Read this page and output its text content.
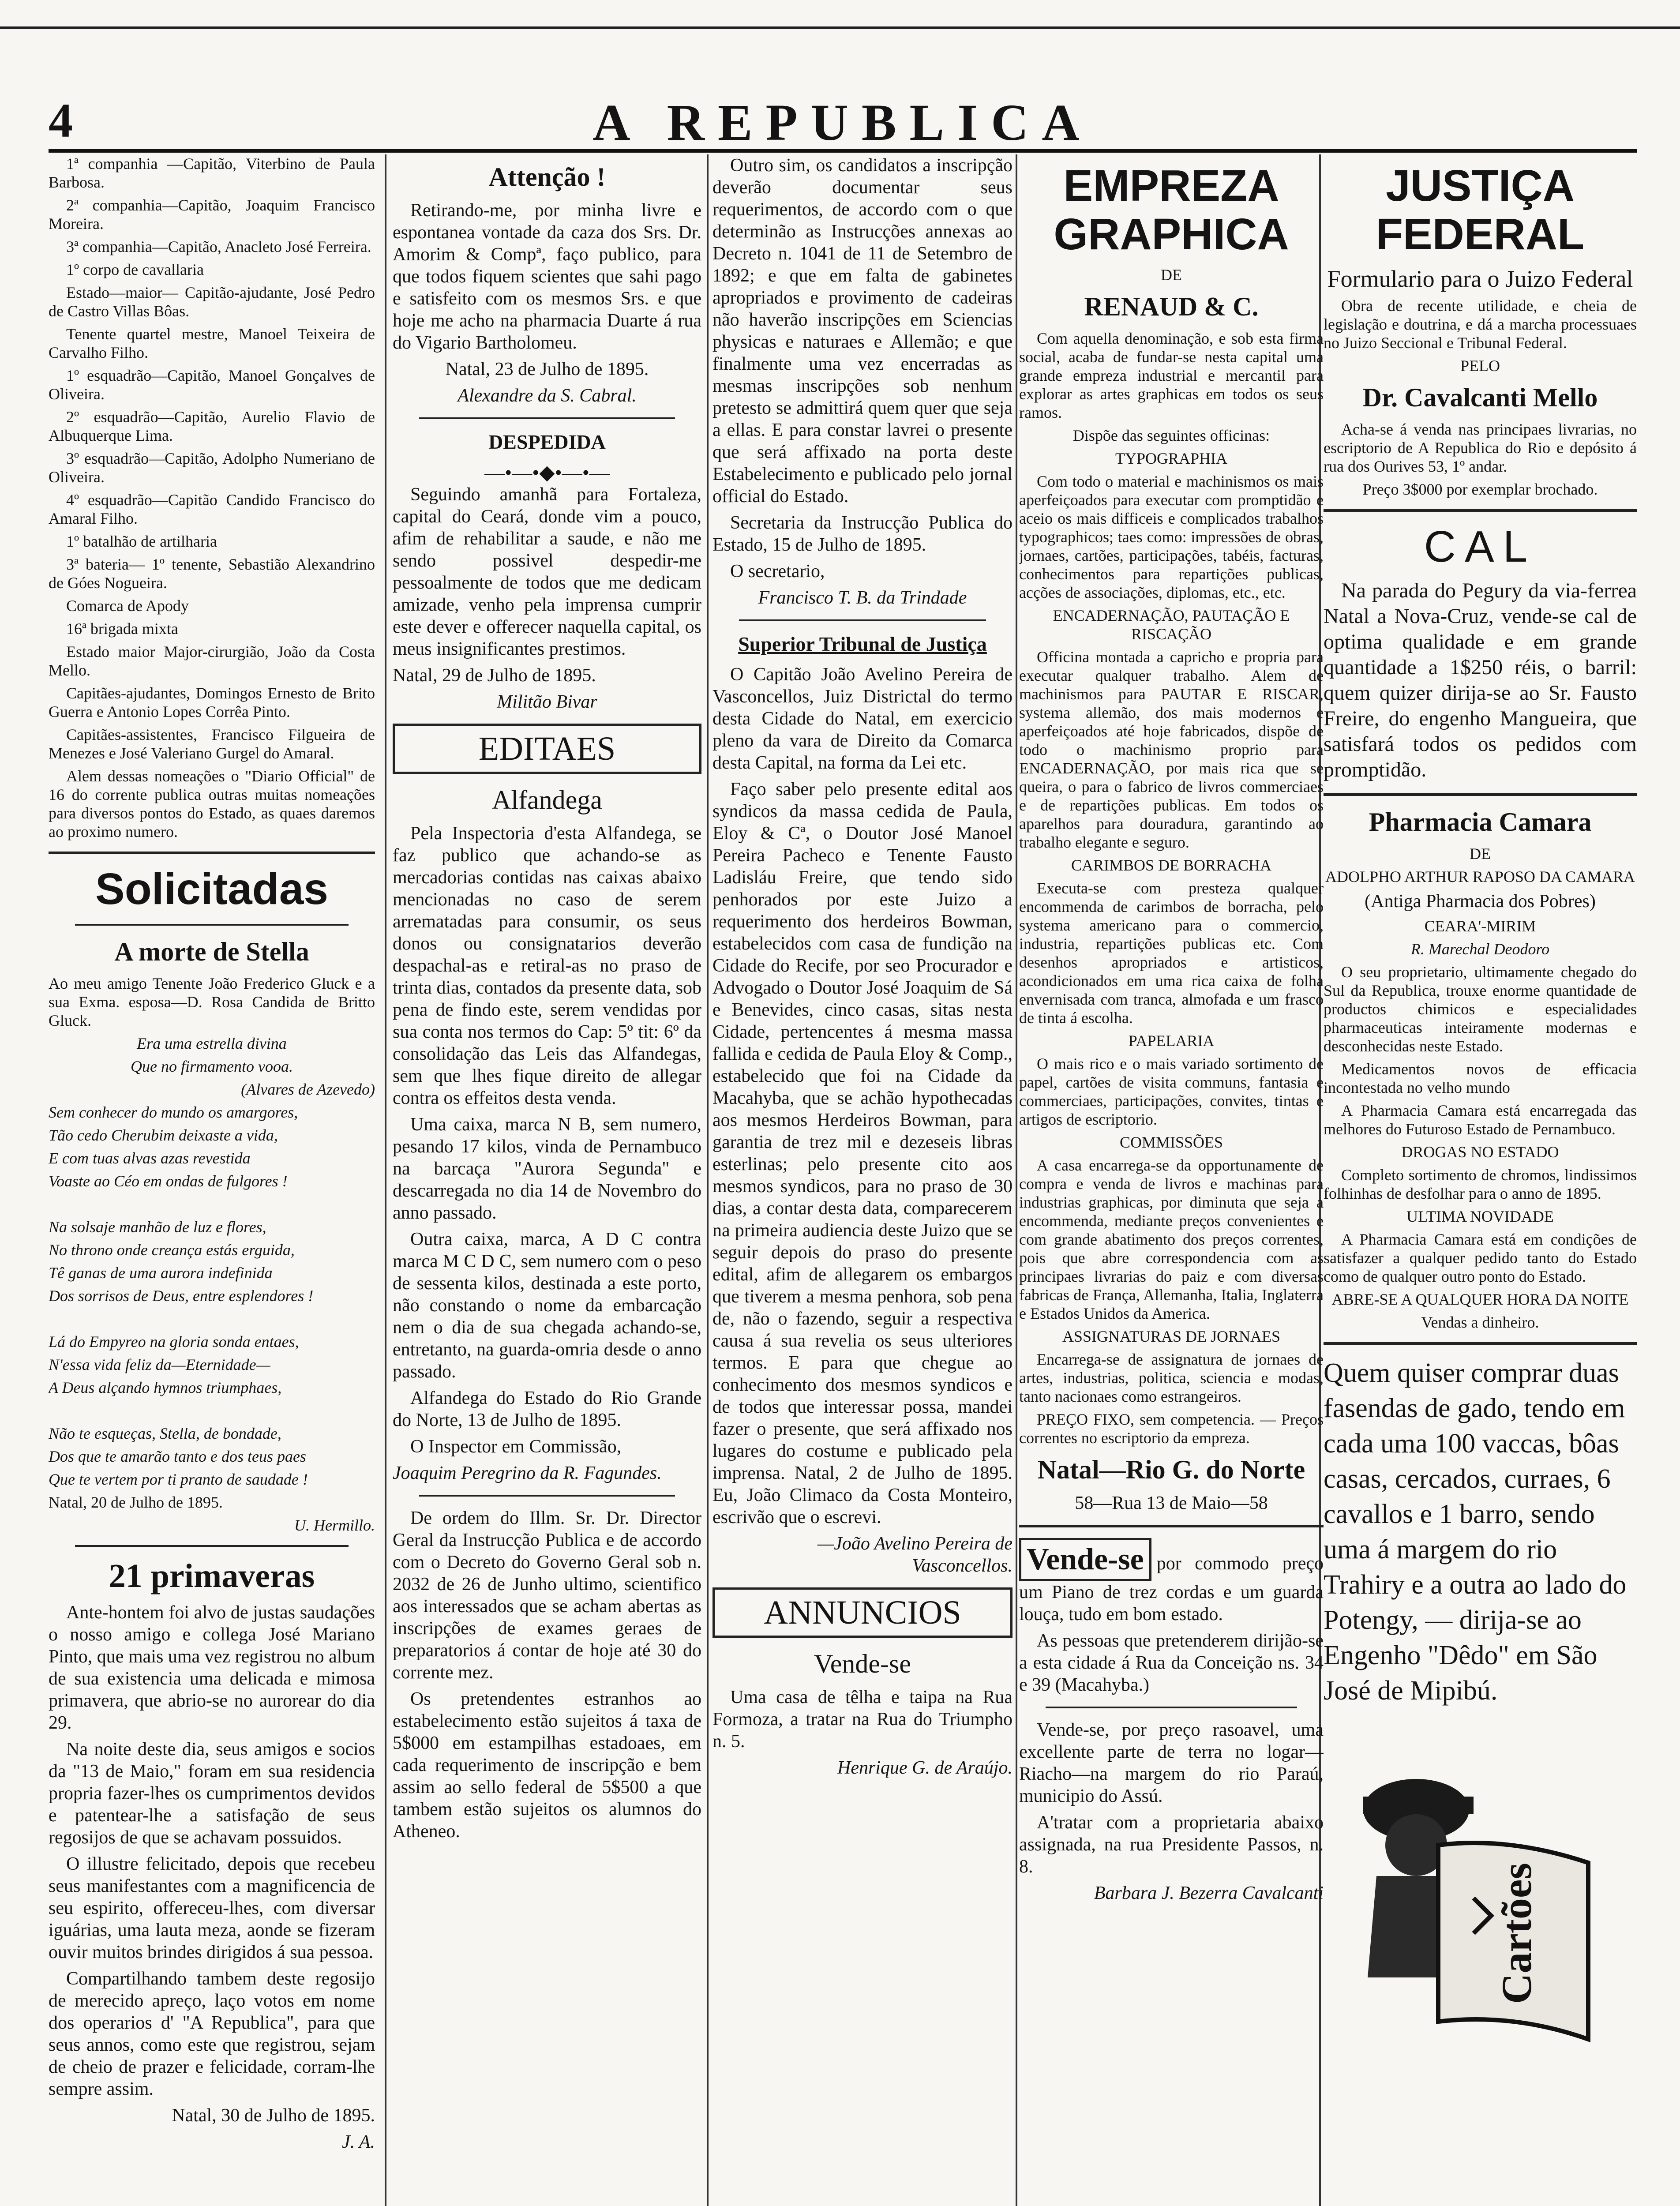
4	A REPUBLICA

1ª companhia —Capitão, Viterbino de Paula Barbosa.

2ª companhia—Capitão, Joaquim Francisco Moreira.

3ª companhia—Capitão, Anacleto José Ferreira.

1º corpo de cavallaria

Estado—maior— Capitão-ajudante, José Pedro de Castro Villas Bôas.

Tenente quartel mestre, Manoel Teixeira de Carvalho Filho.

1º esquadrão—Capitão, Manoel Gonçalves de Oliveira.

2º esquadrão—Capitão, Aurelio Flavio de Albuquerque Lima.

3º esquadrão—Capitão, Adolpho Numeriano de Oliveira.

4º esquadrão—Capitão Candido Francisco do Amaral Filho.

1º batalhão de artilharia

3ª bateria— 1º tenente, Sebastião Alexandrino de Góes Nogueira.

Comarca de Apody

16ª brigada mixta

Estado maior Major-cirurgião, João da Costa Mello.

Capitães-ajudantes, Domingos Ernesto de Brito Guerra e Antonio Lopes Corrêa Pinto.

Capitães-assistentes, Francisco Filgueira de Menezes e José Valeriano Gurgel do Amaral.

Alem dessas nomeações o "Diario Official" de 16 do corrente publica outras muitas nomeações para diversos pontos do Estado, as quaes daremos ao proximo numero.

Solicitadas
A morte de Stella

Ao meu amigo Tenente João Frederico Gluck e a sua Exma. esposa—D. Rosa Candida de Britto Gluck.

Era uma estrella divina

Que no firmamento vooa.

(Alvares de Azevedo)

Sem conhecer do mundo os amargores,

Tão cedo Cherubim deixaste a vida,

E com tuas alvas azas revestida

Voaste ao Céo em ondas de fulgores !

Na solsaje manhão de luz e flores,

No throno onde creança estás erguida,

Tê ganas de uma aurora indefinida

Dos sorrisos de Deus, entre esplendores !

Lá do Empyreo na gloria sonda entaes,

N'essa vida feliz da—Eternidade—

A Deus alçando hymnos triumphaes,

Não te esqueças, Stella, de bondade,

Dos que te amarão tanto e dos teus paes

Que te vertem por ti pranto de saudade !

Natal, 20 de Julho de 1895.

U. Hermillo.

21 primaveras

Ante-hontem foi alvo de justas saudações o nosso amigo e collega José Mariano Pinto, que mais uma vez registrou no album de sua existencia uma delicada e mimosa primavera, que abrio-se no aurorear do dia 29.

Na noite deste dia, seus amigos e socios da "13 de Maio," foram em sua residencia propria fazer-lhes os cumprimentos devidos e patentear-lhe a satisfação de seus regosijos de que se achavam possuidos.

O illustre felicitado, depois que recebeu seus manifestantes com a magnificencia de seu espirito, offereceu-lhes, com diversar iguárias, uma lauta meza, aonde se fizeram ouvir muitos brindes dirigidos á sua pessoa.

Compartilhando tambem deste regosijo de merecido apreço, laço votos em nome dos operarios d' "A Republica", para que seus annos, como este que registrou, sejam de cheio de prazer e felicidade, corram-lhe sempre assim.

Natal, 30 de Julho de 1895.

J. A.

Attenção !

Retirando-me, por minha livre e espontanea vontade da caza dos Srs. Dr. Amorim & Compª, faço publico, para que todos fiquem scientes que sahi pago e satisfeito com os mesmos Srs. e que hoje me acho na pharmacia Duarte á rua do Vigario Bartholomeu.

Natal, 23 de Julho de 1895.

Alexandre da S. Cabral.

DESPEDIDA
—•—•◆•—•—

Seguindo amanhã para Fortaleza, capital do Ceará, donde vim a pouco, afim de rehabilitar a saude, e não me sendo possivel despedir-me pessoalmente de todos que me dedicam amizade, venho pela imprensa cumprir este dever e offerecer naquella capital, os meus insignificantes prestimos.

Natal, 29 de Julho de 1895.

Militão Bivar

EDITAES
Alfandega

Pela Inspectoria d'esta Alfandega, se faz publico que achando-se as mercadorias contidas nas caixas abaixo mencionadas no caso de serem arrematadas para consumir, os seus donos ou consignatarios deverão despachal-as e retiral-as no praso de trinta dias, contados da presente data, sob pena de findo este, serem vendidas por sua conta nos termos do Cap: 5º tit: 6º da consolidação das Leis das Alfandegas, sem que lhes fique direito de allegar contra os effeitos desta venda.

Uma caixa, marca N B, sem numero, pesando 17 kilos, vinda de Pernambuco na barcaça "Aurora Segunda" e descarregada no dia 14 de Novembro do anno passado.

Outra caixa, marca, A D C contra marca M C D C, sem numero com o peso de sessenta kilos, destinada a este porto, não constando o nome da embarcação nem o dia de sua chegada achando-se, entretanto, na guarda-omria desde o anno passado.

Alfandega do Estado do Rio Grande do Norte, 13 de Julho de 1895.

O Inspector em Commissão,

Joaquim Peregrino da R. Fagundes.

De ordem do Illm. Sr. Dr. Director Geral da Instrucção Publica e de accordo com o Decreto do Governo Geral sob n. 2032 de 26 de Junho ultimo, scientifico aos interessados que se acham abertas as inscripções de exames geraes de preparatorios á contar de hoje até 30 do corrente mez.

Os pretendentes estranhos ao estabelecimento estão sujeitos á taxa de 5$000 em estampilhas estadoaes, em cada requerimento de inscripção e bem assim ao sello federal de 5$500 a que tambem estão sujeitos os alumnos do Atheneo.

Outro sim, os candidatos a inscripção deverão documentar seus requerimentos, de accordo com o que determinão as Instrucções annexas ao Decreto n. 1041 de 11 de Setembro de 1892; e que em falta de gabinetes apropriados e provimento de cadeiras não haverão inscripções em Sciencias physicas e naturaes e Allemão; e que finalmente uma vez encerradas as mesmas inscripções sob nenhum pretesto se admittirá quem quer que seja a ellas. E para constar lavrei o presente que será affixado na porta deste Estabelecimento e publicado pelo jornal official do Estado.

Secretaria da Instrucção Publica do Estado, 15 de Julho de 1895.

O secretario,

Francisco T. B. da Trindade

Superior Tribunal de Justiça

O Capitão João Avelino Pereira de Vasconcellos, Juiz Districtal do termo desta Cidade do Natal, em exercicio pleno da vara de Direito da Comarca desta Capital, na forma da Lei etc.

Faço saber pelo presente edital aos syndicos da massa cedida de Paula, Eloy & Cª, o Doutor José Manoel Pereira Pacheco e Tenente Fausto Ladisláu Freire, que tendo sido penhorados por este Juizo a requerimento dos herdeiros Bowman, estabelecidos com casa de fundição na Cidade do Recife, por seo Procurador e Advogado o Doutor José Joaquim de Sá e Benevides, cinco casas, sitas nesta Cidade, pertencentes á mesma massa fallida e cedida de Paula Eloy & Comp., estabelecido que foi na Cidade da Macahyba, que se achão hypothecadas aos mesmos Herdeiros Bowman, para garantia de trez mil e dezeseis libras esterlinas; pelo presente cito aos mesmos syndicos, para no praso de 30 dias, a contar desta data, comparecerem na primeira audiencia deste Juizo que se seguir depois do praso do presente edital, afim de allegarem os embargos que tiverem a mesma penhora, sob pena de, não o fazendo, seguir a respectiva causa á sua revelia os seus ulteriores termos. E para que chegue ao conhecimento dos mesmos syndicos e de todos que interessar possa, mandei fazer o presente, que será affixado nos lugares do costume e publicado pela imprensa. Natal, 2 de Julho de 1895. Eu, João Climaco da Costa Monteiro, escrivão que o escrevi.

—João Avelino Pereira de Vasconcellos.

ANNUNCIOS
Vende-se

Uma casa de têlha e taipa na Rua Formoza, a tratar na Rua do Triumpho n. 5.

Henrique G. de Araújo.

EMPREZA GRAPHICA

DE

RENAUD & C.

Com aquella denominação, e sob esta firma social, acaba de fundar-se nesta capital uma grande empreza industrial e mercantil para explorar as artes graphicas em todos os seus ramos.

Dispõe das seguintes officinas:

TYPOGRAPHIA

Com todo o material e machinismos os mais aperfeiçoados para executar com promptidão e aceio os mais difficeis e complicados trabalhos typographicos; taes como: impressões de obras, jornaes, cartões, participações, tabéis, facturas, conhecimentos para repartições publicas, acções de associações, diplomas, etc., etc.

ENCADERNAÇÃO, PAUTAÇÃO E RISCAÇÃO

Officina montada a capricho e propria para executar qualquer trabalho. Alem de machinismos para PAUTAR E RISCAR, systema allemão, dos mais modernos e aperfeiçoados até hoje fabricados, dispõe de todo o machinismo proprio para ENCADERNAÇÃO, por mais rica que se queira, o para o fabrico de livros commerciaes e de repartições publicas. Em todos os aparelhos para douradura, garantindo ao trabalho elegante e seguro.

CARIMBOS DE BORRACHA

Executa-se com presteza qualquer encommenda de carimbos de borracha, pelo systema americano para o commercio, industria, repartições publicas etc. Com desenhos apropriados e artisticos, acondicionados em uma rica caixa de folha envernisada com tranca, almofada e um frasco de tinta á escolha.

PAPELARIA

O mais rico e o mais variado sortimento de papel, cartões de visita communs, fantasia e commerciaes, participações, convites, tintas e artigos de escriptorio.

COMMISSÕES

A casa encarrega-se da opportunamente de compra e venda de livros e machinas para industrias graphicas, por diminuta que seja a encommenda, mediante preços convenientes e com grande abatimento dos preços correntes, pois que abre correspondencia com as principaes livrarias do paiz e com diversas fabricas de França, Allemanha, Italia, Inglaterra e Estados Unidos da America.

ASSIGNATURAS DE JORNAES

Encarrega-se de assignatura de jornaes de artes, industrias, politica, sciencia e modas, tanto nacionaes como estrangeiros.

PREÇO FIXO, sem competencia. — Preços correntes no escriptorio da empreza.

Natal—Rio G. do Norte

58—Rua 13 de Maio—58

Vende-se por commodo preço um Piano de trez cordas e um guarda louça, tudo em bom estado.

As pessoas que pretenderem dirijão-se a esta cidade á Rua da Conceição ns. 34 e 39 (Macahyba.)

Vende-se, por preço rasoavel, uma excellente parte de terra no logar—Riacho—na margem do rio Paraú, municipio do Assú.

A'tratar com a proprietaria abaixo assignada, na rua Presidente Passos, n. 8.

Barbara J. Bezerra Cavalcanti

JUSTIÇA FEDERAL

Formulario para o Juizo Federal

Obra de recente utilidade, e cheia de legislação e doutrina, e dá a marcha processuaes no Juizo Seccional e Tribunal Federal.

PELO

Dr. Cavalcanti Mello

Acha-se á venda nas principaes livrarias, no escriptorio de A Republica do Rio e depósito á rua dos Ourives 53, 1º andar.

Preço 3$000 por exemplar brochado.

CAL

Na parada do Pegury da via-ferrea Natal a Nova-Cruz, vende-se cal de optima qualidade e em grande quantidade a 1$250 réis, o barril: quem quizer dirija-se ao Sr. Fausto Freire, do engenho Mangueira, que satisfará todos os pedidos com promptidão.

Pharmacia Camara

DE

ADOLPHO ARTHUR RAPOSO DA CAMARA

(Antiga Pharmacia dos Pobres)

CEARA'-MIRIM

R. Marechal Deodoro

O seu proprietario, ultimamente chegado do Sul da Republica, trouxe enorme quantidade de productos chimicos e especialidades pharmaceuticas inteiramente modernas e desconhecidas neste Estado.

Medicamentos novos de efficacia incontestada no velho mundo

A Pharmacia Camara está encarregada das melhores do Futuroso Estado de Pernambuco.

DROGAS NO ESTADO

Completo sortimento de chromos, lindissimos folhinhas de desfolhar para o anno de 1895.

ULTIMA NOVIDADE

A Pharmacia Camara está em condições de satisfazer a qualquer pedido tanto do Estado como de qualquer outro ponto do Estado.

ABRE-SE A QUALQUER HORA DA NOITE

Vendas a dinheiro.

Quem quiser comprar duas fasendas de gado, tendo em cada uma 100 vaccas, bôas casas, cercados, curraes, 6 cavallos e 1 barro, sendo uma á margem do rio Trahiry e a outra ao lado do Potengy, — dirija-se ao Engenho "Dêdo" em São José de Mipibú.

Cartões
